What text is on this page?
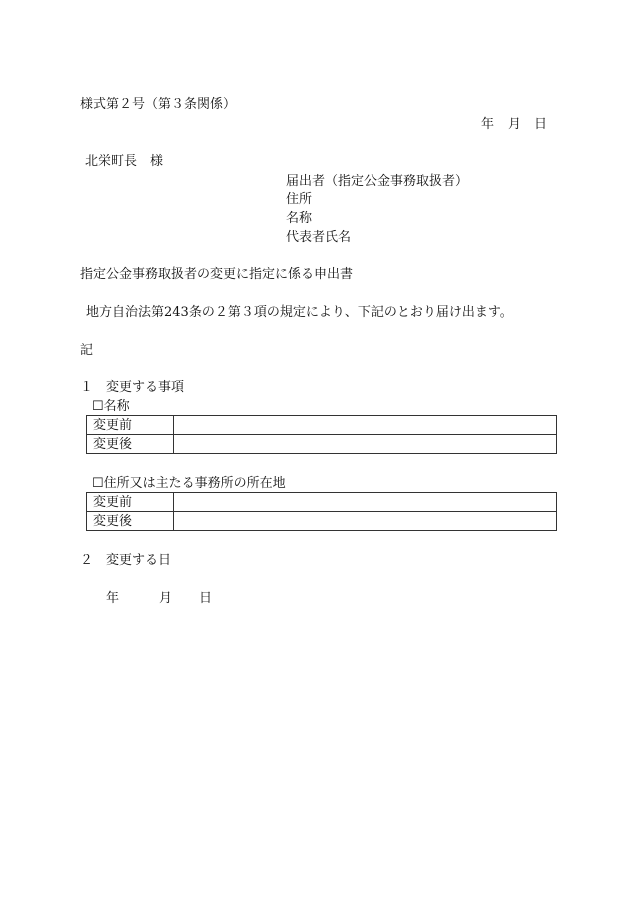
様式第２号（第３条関係）
年 月 日
北栄町長　様
届出者（指定公金事務取扱者）
住所
名称
代表者氏名
指定公金事務取扱者の変更に指定に係る申出書
地方自治法第243条の２第３項の規定により、下記のとおり届け出ます。
記
１ 変更する事項
☐名称
変更前	
変更後	
☐住所又は主たる事務所の所在地
変更前	
変更後	
２ 変更する日
年	月 日
